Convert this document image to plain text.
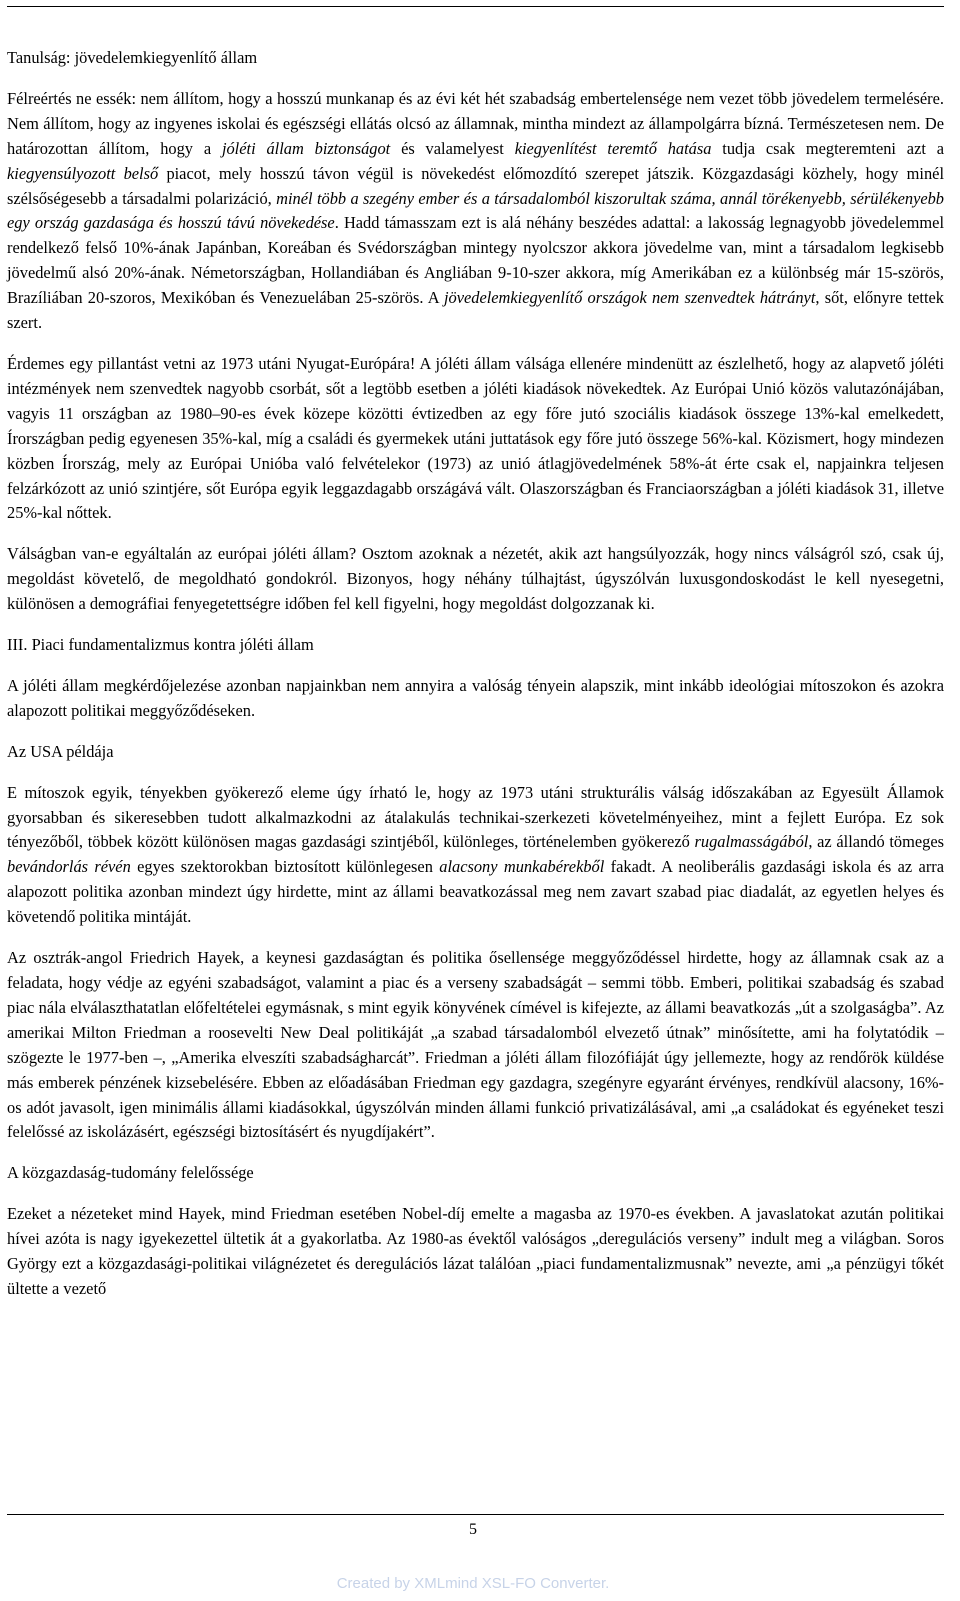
Tanulság: jövedelemkiegyenlítő állam

Félreértés ne essék: nem állítom, hogy a hosszú munkanap és az évi két hét szabadság embertelensége nem vezet több jövedelem termelésére. Nem állítom, hogy az ingyenes iskolai és egészségi ellátás olcsó az államnak, mintha mindezt az állampolgárra bízná. Természetesen nem. De határozottan állítom, hogy a jóléti állam biztonságot és valamelyest kiegyenlítést teremtő hatása tudja csak megteremteni azt a kiegyensúlyozott belső piacot, mely hosszú távon végül is növekedést előmozdító szerepet játszik. Közgazdasági közhely, hogy minél szélsőségesebb a társadalmi polarizáció, minél több a szegény ember és a társadalomból kiszorultak száma, annál törékenyebb, sérülékenyebb egy ország gazdasága és hosszú távú növekedése. Hadd támasszam ezt is alá néhány beszédes adattal: a lakosság legnagyobb jövedelemmel rendelkező felső 10%-ának Japánban, Koreában és Svédországban mintegy nyolcszor akkora jövedelme van, mint a társadalom legkisebb jövedelmű alsó 20%-ának. Németországban, Hollandiában és Angliában 9-10-szer akkora, míg Amerikában ez a különbség már 15-szörös, Brazíliában 20-szoros, Mexikóban és Venezuelában 25-szörös. A jövedelemkiegyenlítő országok nem szenvedtek hátrányt, sőt, előnyre tettek szert.

Érdemes egy pillantást vetni az 1973 utáni Nyugat-Európára! A jóléti állam válsága ellenére mindenütt az észlelhető, hogy az alapvető jóléti intézmények nem szenvedtek nagyobb csorbát, sőt a legtöbb esetben a jóléti kiadások növekedtek. Az Európai Unió közös valutazónájában, vagyis 11 országban az 1980–90-es évek közepe közötti évtizedben az egy főre jutó szociális kiadások összege 13%-kal emelkedett, Írországban pedig egyenesen 35%-kal, míg a családi és gyermekek utáni juttatások egy főre jutó összege 56%-kal. Közismert, hogy mindezen közben Írország, mely az Európai Unióba való felvételekor (1973) az unió átlagjövedelmének 58%-át érte csak el, napjainkra teljesen felzárkózott az unió szintjére, sőt Európa egyik leggazdagabb országává vált. Olaszországban és Franciaországban a jóléti kiadások 31, illetve 25%-kal nőttek.

Válságban van-e egyáltalán az európai jóléti állam? Osztom azoknak a nézetét, akik azt hangsúlyozzák, hogy nincs válságról szó, csak új, megoldást követelő, de megoldható gondokról. Bizonyos, hogy néhány túlhajtást, úgyszólván luxusgondoskodást le kell nyesegetni, különösen a demográfiai fenyegetettségre időben fel kell figyelni, hogy megoldást dolgozzanak ki.

III. Piaci fundamentalizmus kontra jóléti állam

A jóléti állam megkérdőjelezése azonban napjainkban nem annyira a valóság tényein alapszik, mint inkább ideológiai mítoszokon és azokra alapozott politikai meggyőződéseken.

Az USA példája

E mítoszok egyik, tényekben gyökerező eleme úgy írható le, hogy az 1973 utáni strukturális válság időszakában az Egyesült Államok gyorsabban és sikeresebben tudott alkalmazkodni az átalakulás technikai-szerkezeti követelményeihez, mint a fejlett Európa. Ez sok tényezőből, többek között különösen magas gazdasági szintjéből, különleges, történelemben gyökerező rugalmasságából, az állandó tömeges bevándorlás révén egyes szektorokban biztosított különlegesen alacsony munkabérekből fakadt. A neoliberális gazdasági iskola és az arra alapozott politika azonban mindezt úgy hirdette, mint az állami beavatkozással meg nem zavart szabad piac diadalát, az egyetlen helyes és követendő politika mintáját.

Az osztrák-angol Friedrich Hayek, a keynesi gazdaságtan és politika ősellensége meggyőződéssel hirdette, hogy az államnak csak az a feladata, hogy védje az egyéni szabadságot, valamint a piac és a verseny szabadságát – semmi több. Emberi, politikai szabadság és szabad piac nála elválaszthatatlan előfeltételei egymásnak, s mint egyik könyvének címével is kifejezte, az állami beavatkozás „út a szolgaságba”. Az amerikai Milton Friedman a roosevelti New Deal politikáját „a szabad társadalomból elvezető útnak” minősítette, ami ha folytatódik – szögezte le 1977-ben –, „Amerika elveszíti szabadságharcát”. Friedman a jóléti állam filozófiáját úgy jellemezte, hogy az rendőrök küldése más emberek pénzének kizsebelésére. Ebben az előadásában Friedman egy gazdagra, szegényre egyaránt érvényes, rendkívül alacsony, 16%-os adót javasolt, igen minimális állami kiadásokkal, úgyszólván minden állami funkció privatizálásával, ami „a családokat és egyéneket teszi felelőssé az iskolázásért, egészségi biztosításért és nyugdíjakért”.

A közgazdaság-tudomány felelőssége

Ezeket a nézeteket mind Hayek, mind Friedman esetében Nobel-díj emelte a magasba az 1970-es években. A javaslatokat azután politikai hívei azóta is nagy igyekezettel ültetik át a gyakorlatba. Az 1980-as évektől valóságos „deregulációs verseny” indult meg a világban. Soros György ezt a közgazdasági-politikai világnézetet és deregulációs lázat találóan „piaci fundamentalizmusnak” nevezte, ami „a pénzügyi tőkét ültette a vezető

5
Created by XMLmind XSL-FO Converter.
